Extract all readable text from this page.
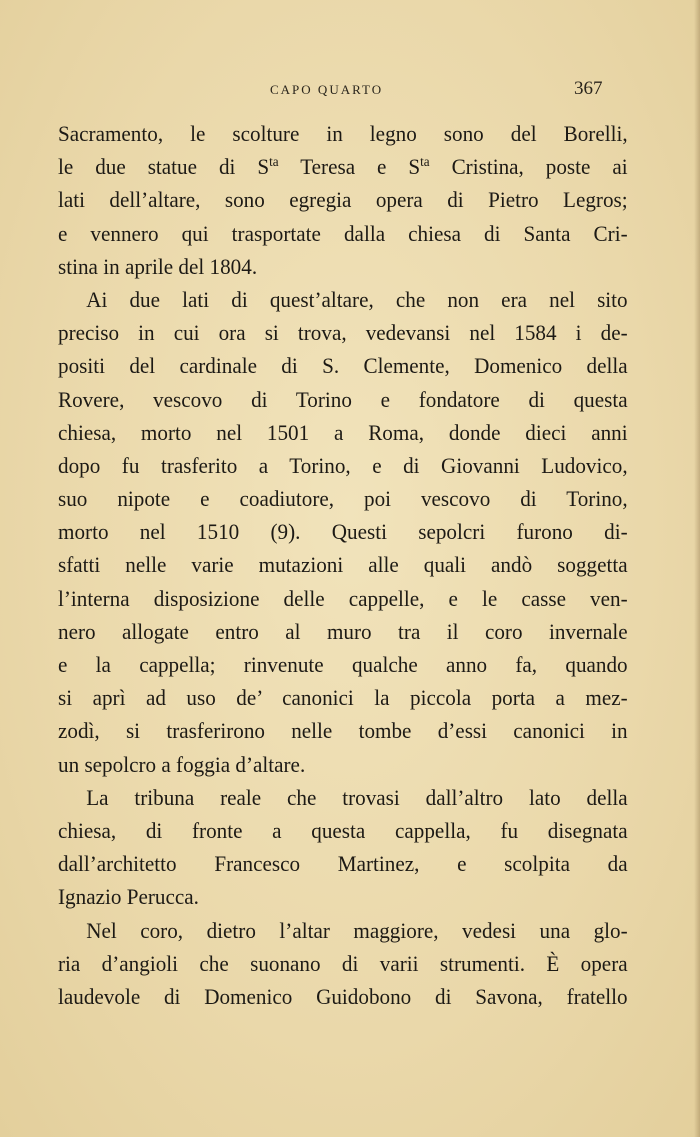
CAPO QUARTO	367
Sacramento, le scolture in legno sono del Borelli,
le due statue di $S^{ta}$ Teresa e $S^{ta}$ Cristina, poste ai
lati dell’altare, sono egregia opera di Pietro Legros;
e vennero qui trasportate dalla chiesa di Santa Cri-
stina in aprile del 1804.
Ai due lati di quest’altare, che non era nel sito
preciso in cui ora si trova, vedevansi nel 1584 i de-
positi del cardinale di S. Clemente, Domenico della
Rovere, vescovo di Torino e fondatore di questa
chiesa, morto nel 1501 a Roma, donde dieci anni
dopo fu trasferito a Torino, e di Giovanni Ludovico,
suo nipote e coadiutore, poi vescovo di Torino,
morto nel 1510 (9). Questi sepolcri furono di-
sfatti nelle varie mutazioni alle quali andò soggetta
l’interna disposizione delle cappelle, e le casse ven-
nero allogate entro al muro tra il coro invernale
e la cappella; rinvenute qualche anno fa, quando
si aprì ad uso de’ canonici la piccola porta a mez-
zodì, si trasferirono nelle tombe d’essi canonici in
un sepolcro a foggia d’altare.
La tribuna reale che trovasi dall’altro lato della
chiesa, di fronte a questa cappella, fu disegnata
dall’architetto Francesco Martinez, e scolpita da
Ignazio Perucca.
Nel coro, dietro l’altar maggiore, vedesi una glo-
ria d’angioli che suonano di varii strumenti. È opera
laudevole di Domenico Guidobono di Savona, fratello
